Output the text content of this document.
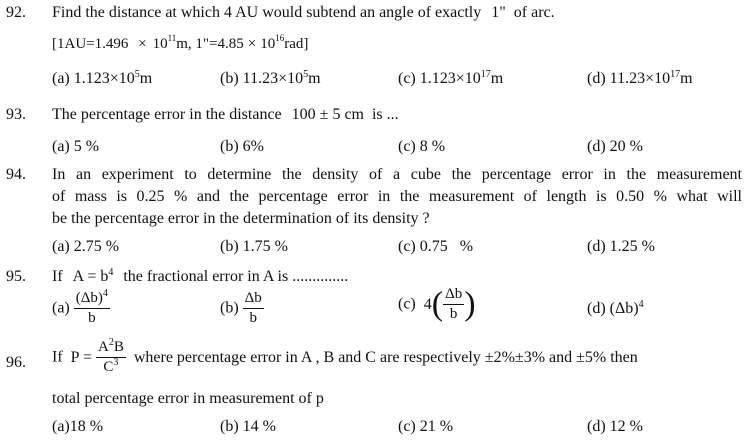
92. Find the distance at which 4 AU would subtend an angle of exactly 1" of arc.
[$1AU=1.496 \times 10^{11}m$, 1"=4.85 × $10^{16}rad$]
(a) $1.123\times 10^5m$	(b) $11.23\times 10^5m$	(c) $1.123\times 10^{17}m$	(d) $11.23\times 10^{17}m$
93. The percentage error in the distance 100 ± 5 cm is ...
(a) 5 %	(b) 6%	(c) 8 %	(d) 20 %
94. In an experiment to determine the density of a cube the percentage error in the measurement
of mass is 0.25 % and the percentage error in the measurement of length is 0.50 % what will
be the percentage error in the determination of its density ?
(a) 2.75 %	(b) 1.75 %	(c) 0.75   %	(d) 1.25 %
95. If $A = b^4$ the fractional error in A is ..............
$(a) \frac{(\Delta b)^4}{b}$	$(b) \frac{\Delta b}{b}$	(c) $4( \frac{\Delta b}{b}$ )	(d) $(\Delta b)^4$
96. If $P = \frac{A^2B}{C^3}$ where percentage error in A , B and C are respectively ±2%±3% and ±5% then
total percentage error in measurement of p
(a)18 %	(b) 14 %	(c) 21 %	(d) 12 %
